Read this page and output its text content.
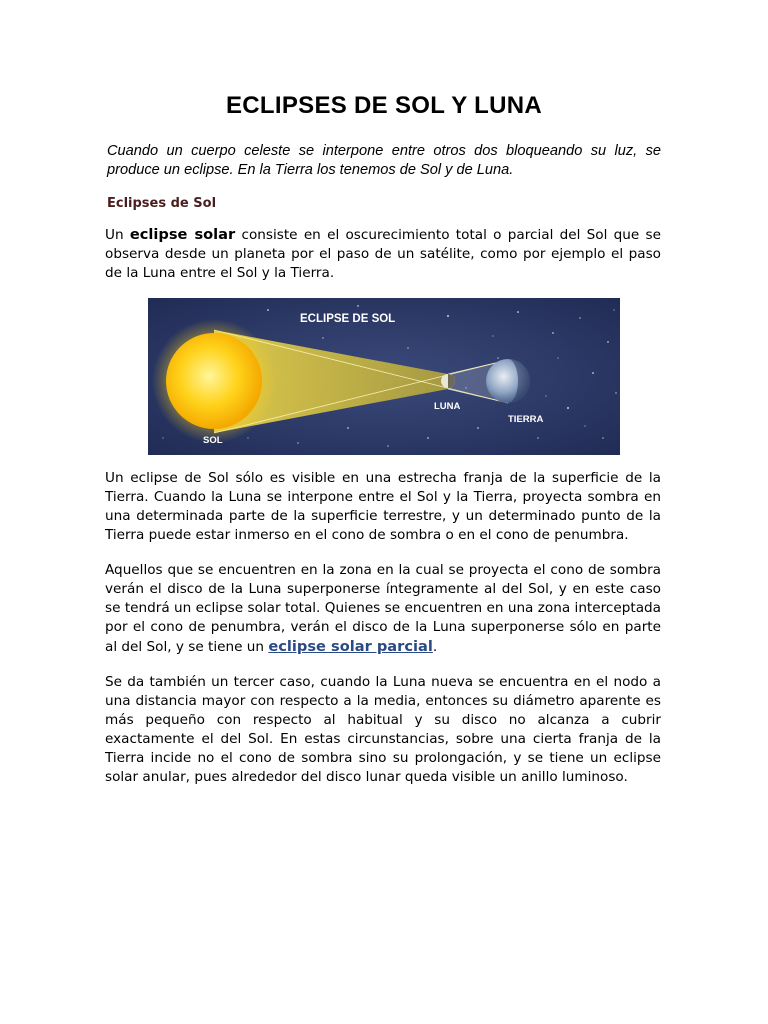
ECLIPSES DE SOL Y LUNA

Cuando un cuerpo celeste se interpone entre otros dos bloqueando su luz, se produce un eclipse. En la Tierra los tenemos de Sol y de Luna.

Eclipses de Sol

Un eclipse solar consiste en el oscurecimiento total o parcial del Sol que se observa desde un planeta por el paso de un satélite, como por ejemplo el paso de la Luna entre el Sol y la Tierra.

ECLIPSE DE SOL
SOL
LUNA
TIERRA

Un eclipse de Sol sólo es visible en una estrecha franja de la superficie de la Tierra. Cuando la Luna se interpone entre el Sol y la Tierra, proyecta sombra en una determinada parte de la superficie terrestre, y un determinado punto de la Tierra puede estar inmerso en el cono de sombra o en el cono de penumbra.

Aquellos que se encuentren en la zona en la cual se proyecta el cono de sombra verán el disco de la Luna superponerse íntegramente al del Sol, y en este caso se tendrá un eclipse solar total. Quienes se encuentren en una zona interceptada por el cono de penumbra, verán el disco de la Luna superponerse sólo en parte al del Sol, y se tiene un eclipse solar parcial.

Se da también un tercer caso, cuando la Luna nueva se encuentra en el nodo a una distancia mayor con respecto a la media, entonces su diámetro aparente es más pequeño con respecto al habitual y su disco no alcanza a cubrir exactamente el del Sol. En estas circunstancias, sobre una cierta franja de la Tierra incide no el cono de sombra sino su prolongación, y se tiene un eclipse solar anular, pues alrededor del disco lunar queda visible un anillo luminoso.
